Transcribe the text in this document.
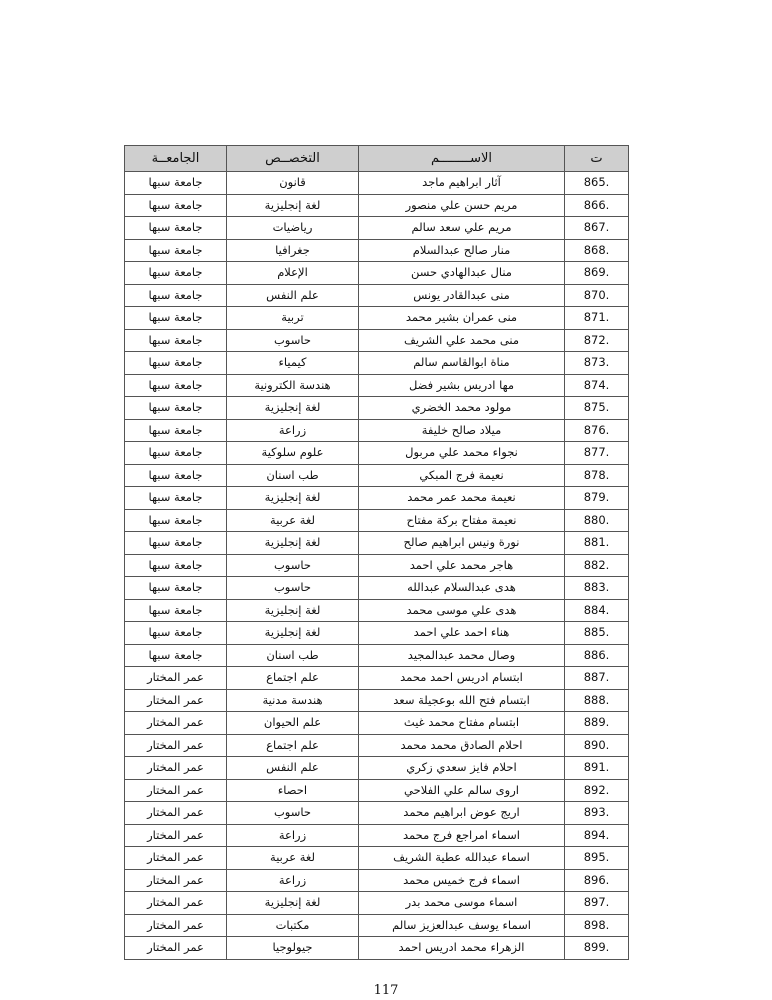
ت	الاســــــــم	التخصــص	الجامعــة
865.	آثار ابراهيم ماجد	قانون	جامعة سبها
866.	مريم حسن علي منصور	لغة إنجليزية	جامعة سبها
867.	مريم علي سعد سالم	رياضيات	جامعة سبها
868.	منار صالح عبدالسلام	جغرافيا	جامعة سبها
869.	منال عبدالهادي حسن	الإعلام	جامعة سبها
870.	منى عبدالقادر يونس	علم النفس	جامعة سبها
871.	منى عمران بشير محمد	تربية	جامعة سبها
872.	منى محمد علي الشريف	حاسوب	جامعة سبها
873.	مناة ابوالقاسم سالم	كيمياء	جامعة سبها
874.	مها ادريس بشير فضل	هندسة الكترونية	جامعة سبها
875.	مولود محمد الخضري	لغة إنجليزية	جامعة سبها
876.	ميلاد صالح خليفة	زراعة	جامعة سبها
877.	نجواء محمد علي مربول	علوم سلوكية	جامعة سبها
878.	نعيمة فرج المبكي	طب اسنان	جامعة سبها
879.	نعيمة محمد عمر محمد	لغة إنجليزية	جامعة سبها
880.	نعيمة مفتاح بركة مفتاح	لغة عربية	جامعة سبها
881.	نورة ونيس ابراهيم صالح	لغة إنجليزية	جامعة سبها
882.	هاجر محمد علي احمد	حاسوب	جامعة سبها
883.	هدى عبدالسلام عبدالله	حاسوب	جامعة سبها
884.	هدى علي موسى محمد	لغة إنجليزية	جامعة سبها
885.	هناء احمد علي احمد	لغة إنجليزية	جامعة سبها
886.	وصال محمد عبدالمجيد	طب اسنان	جامعة سبها
887.	ابتسام ادريس احمد محمد	علم اجتماع	عمر المختار
888.	ابتسام فتح الله بوعجيلة سعد	هندسة مدنية	عمر المختار
889.	ابتسام مفتاح محمد غيث	علم الحيوان	عمر المختار
890.	احلام الصادق محمد محمد	علم اجتماع	عمر المختار
891.	احلام فايز سعدي زكري	علم النفس	عمر المختار
892.	اروى سالم علي الفلاحي	احصاء	عمر المختار
893.	اريج عوض ابراهيم محمد	حاسوب	عمر المختار
894.	اسماء امراجع فرج محمد	زراعة	عمر المختار
895.	اسماء عبدالله عطية الشريف	لغة عربية	عمر المختار
896.	اسماء فرج خميس محمد	زراعة	عمر المختار
897.	اسماء موسى محمد بدر	لغة إنجليزية	عمر المختار
898.	اسماء يوسف عبدالعزيز سالم	مكتبات	عمر المختار
899.	الزهراء محمد ادريس احمد	جيولوجيا	عمر المختار
117
